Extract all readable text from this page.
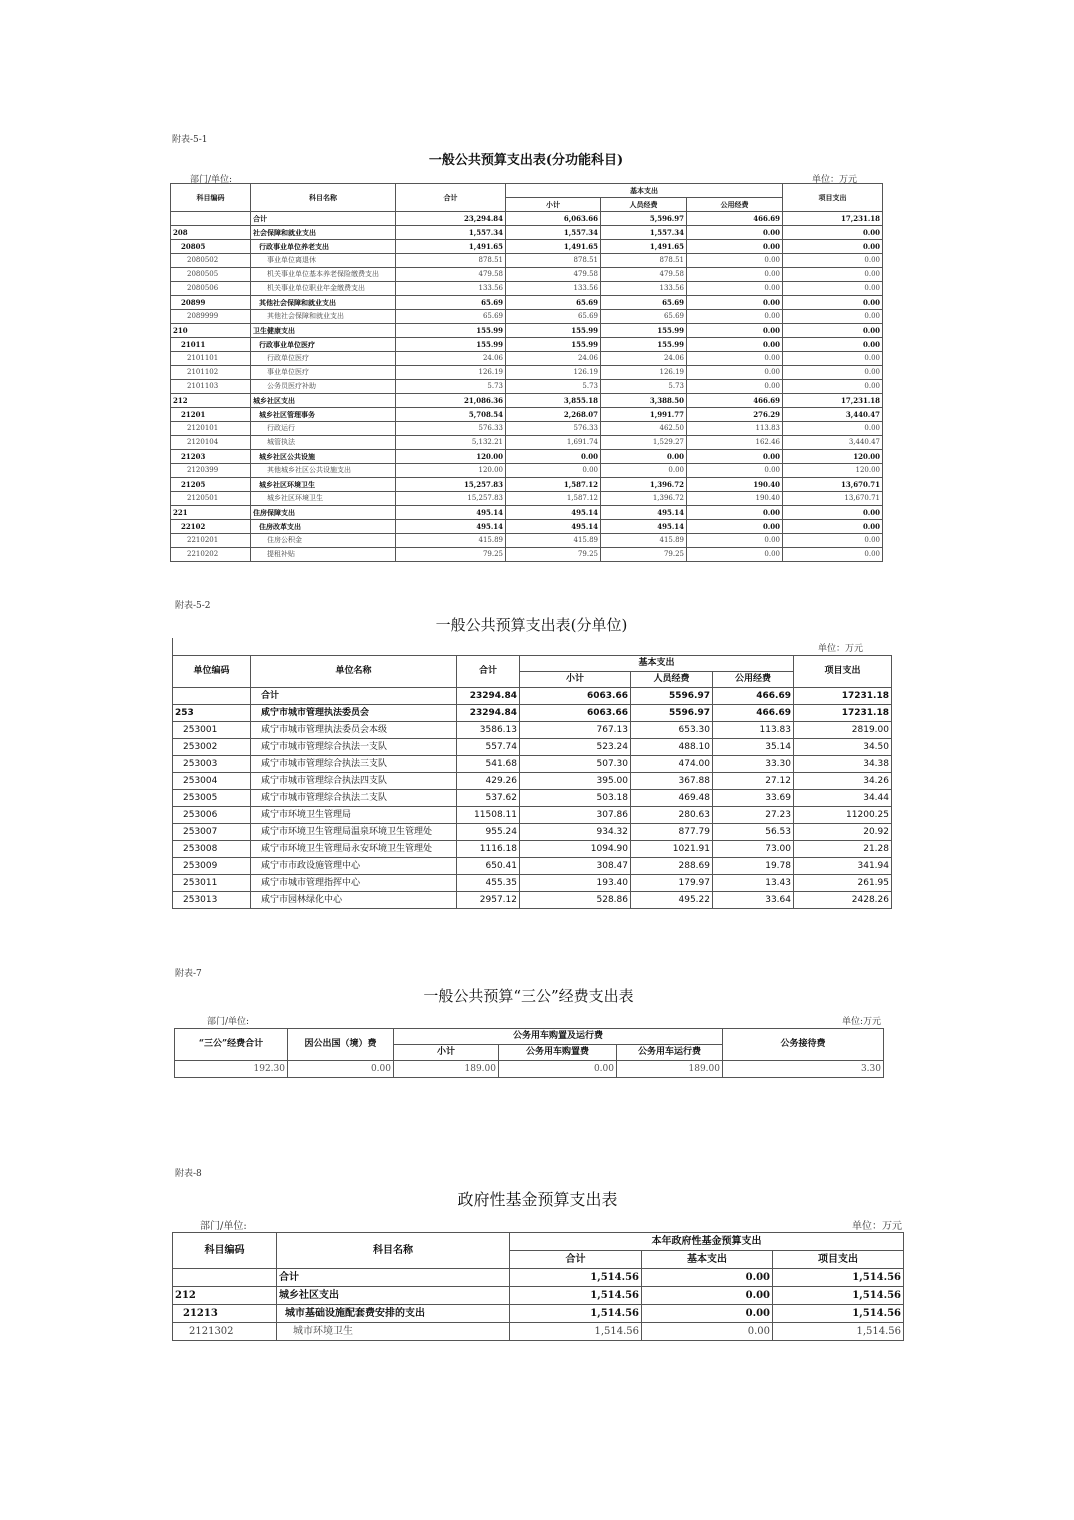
附表-5-1
一般公共预算支出表(分功能科目)
部门/单位:	单位：万元
科目编码	科目名称	合计	基本支出			项目支出
			小计	人员经费	公用经费	
	合计	23,294.84	6,063.66	5,596.97	466.69	17,231.18
208	社会保障和就业支出	1,557.34	1,557.34	1,557.34	0.00	0.00
20805	行政事业单位养老支出	1,491.65	1,491.65	1,491.65	0.00	0.00
2080502	事业单位离退休	878.51	878.51	878.51	0.00	0.00
2080505	机关事业单位基本养老保险缴费支出	479.58	479.58	479.58	0.00	0.00
2080506	机关事业单位职业年金缴费支出	133.56	133.56	133.56	0.00	0.00
20899	其他社会保障和就业支出	65.69	65.69	65.69	0.00	0.00
2089999	其他社会保障和就业支出	65.69	65.69	65.69	0.00	0.00
210	卫生健康支出	155.99	155.99	155.99	0.00	0.00
21011	行政事业单位医疗	155.99	155.99	155.99	0.00	0.00
2101101	行政单位医疗	24.06	24.06	24.06	0.00	0.00
2101102	事业单位医疗	126.19	126.19	126.19	0.00	0.00
2101103	公务员医疗补助	5.73	5.73	5.73	0.00	0.00
212	城乡社区支出	21,086.36	3,855.18	3,388.50	466.69	17,231.18
21201	城乡社区管理事务	5,708.54	2,268.07	1,991.77	276.29	3,440.47
2120101	行政运行	576.33	576.33	462.50	113.83	0.00
2120104	城管执法	5,132.21	1,691.74	1,529.27	162.46	3,440.47
21203	城乡社区公共设施	120.00	0.00	0.00	0.00	120.00
2120399	其他城乡社区公共设施支出	120.00	0.00	0.00	0.00	120.00
21205	城乡社区环境卫生	15,257.83	1,587.12	1,396.72	190.40	13,670.71
2120501	城乡社区环境卫生	15,257.83	1,587.12	1,396.72	190.40	13,670.71
221	住房保障支出	495.14	495.14	495.14	0.00	0.00
22102	住房改革支出	495.14	495.14	495.14	0.00	0.00
2210201	住房公积金	415.89	415.89	415.89	0.00	0.00
2210202	提租补贴	79.25	79.25	79.25	0.00	0.00
附表-5-2
一般公共预算支出表(分单位)
单位：万元
单位编码	单位名称	合计	基本支出			项目支出
			小计	人员经费	公用经费	
	合计	23294.84	6063.66	5596.97	466.69	17231.18
253	咸宁市城市管理执法委员会	23294.84	6063.66	5596.97	466.69	17231.18
253001	咸宁市城市管理执法委员会本级	3586.13	767.13	653.30	113.83	2819.00
253002	咸宁市城市管理综合执法一支队	557.74	523.24	488.10	35.14	34.50
253003	咸宁市城市管理综合执法三支队	541.68	507.30	474.00	33.30	34.38
253004	咸宁市城市管理综合执法四支队	429.26	395.00	367.88	27.12	34.26
253005	咸宁市城市管理综合执法二支队	537.62	503.18	469.48	33.69	34.44
253006	咸宁市环境卫生管理局	11508.11	307.86	280.63	27.23	11200.25
253007	咸宁市环境卫生管理局温泉环境卫生管理处	955.24	934.32	877.79	56.53	20.92
253008	咸宁市环境卫生管理局永安环境卫生管理处	1116.18	1094.90	1021.91	73.00	21.28
253009	咸宁市市政设施管理中心	650.41	308.47	288.69	19.78	341.94
253011	咸宁市城市管理指挥中心	455.35	193.40	179.97	13.43	261.95
253013	咸宁市园林绿化中心	2957.12	528.86	495.22	33.64	2428.26
附表-7
一般公共预算“三公”经费支出表
部门/单位:	单位:万元
“三公”经费合计	因公出国（境）费	公务用车购置及运行费			公务接待费
		小计	公务用车购置费	公务用车运行费	
192.30	0.00	189.00	0.00	189.00	3.30
附表-8
政府性基金预算支出表
部门/单位:	单位：万元
科目编码	科目名称	本年政府性基金预算支出		
		合计	基本支出	项目支出
	合计	1,514.56	0.00	1,514.56
212	城乡社区支出	1,514.56	0.00	1,514.56
21213	城市基础设施配套费安排的支出	1,514.56	0.00	1,514.56
2121302	城市环境卫生	1,514.56	0.00	1,514.56
